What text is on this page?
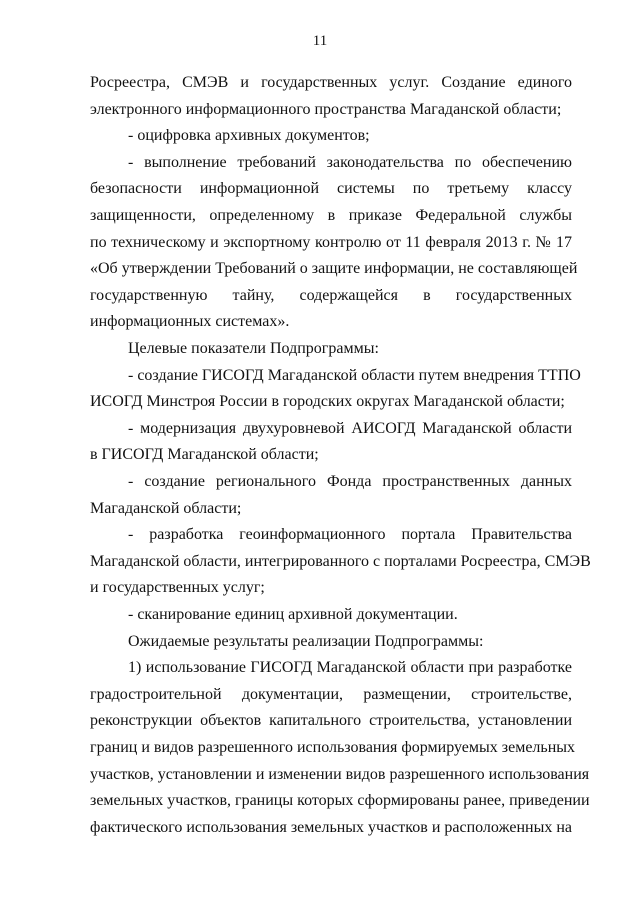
11
Росреестра, СМЭВ и государственных услуг. Создание единого
электронного информационного пространства Магаданской области;
- оцифровка архивных документов;
- выполнение требований законодательства по обеспечению
безопасности информационной системы по третьему классу
защищенности, определенному в приказе Федеральной службы
по техническому и экспортному контролю от 11 февраля 2013 г. № 17
«Об утверждении Требований о защите информации, не составляющей
государственную тайну, содержащейся в государственных
информационных системах».
Целевые показатели Подпрограммы:
- создание ГИСОГД Магаданской области путем внедрения ТТПО
ИСОГД Минстроя России в городских округах Магаданской области;
- модернизация двухуровневой АИСОГД Магаданской области
в ГИСОГД Магаданской области;
- создание регионального Фонда пространственных данных
Магаданской области;
- разработка геоинформационного портала Правительства
Магаданской области, интегрированного с порталами Росреестра, СМЭВ
и государственных услуг;
- сканирование единиц архивной документации.
Ожидаемые результаты реализации Подпрограммы:
1) использование ГИСОГД Магаданской области при разработке
градостроительной документации, размещении, строительстве,
реконструкции объектов капитального строительства, установлении
границ и видов разрешенного использования формируемых земельных
участков, установлении и изменении видов разрешенного использования
земельных участков, границы которых сформированы ранее, приведении
фактического использования земельных участков и расположенных на
